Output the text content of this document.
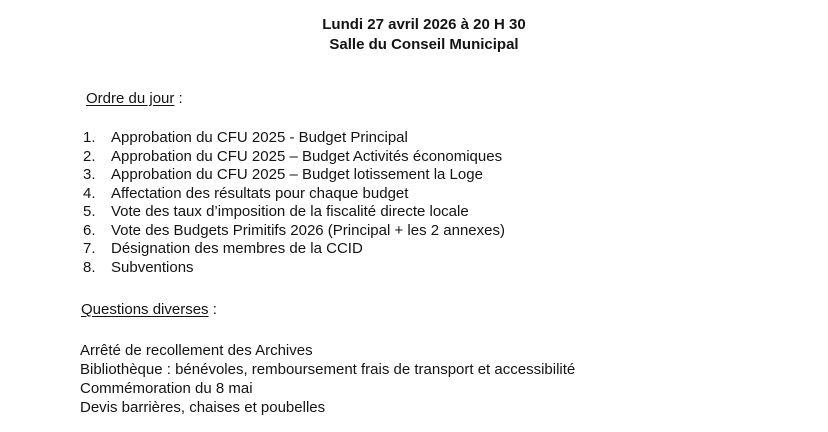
Lundi 27 avril 2026 à 20 H 30
Salle du Conseil Municipal
Ordre du jour :
1. Approbation du CFU 2025 - Budget Principal
2. Approbation du CFU 2025 – Budget Activités économiques
3. Approbation du CFU 2025 – Budget lotissement la Loge
4. Affectation des résultats pour chaque budget
5. Vote des taux d’imposition de la fiscalité directe locale
6. Vote des Budgets Primitifs 2026 (Principal + les 2 annexes)
7. Désignation des membres de la CCID
8. Subventions
Questions diverses :
Arrêté de recollement des Archives
Bibliothèque : bénévoles, remboursement frais de transport et accessibilité
Commémoration du 8 mai
Devis barrières, chaises et poubelles
